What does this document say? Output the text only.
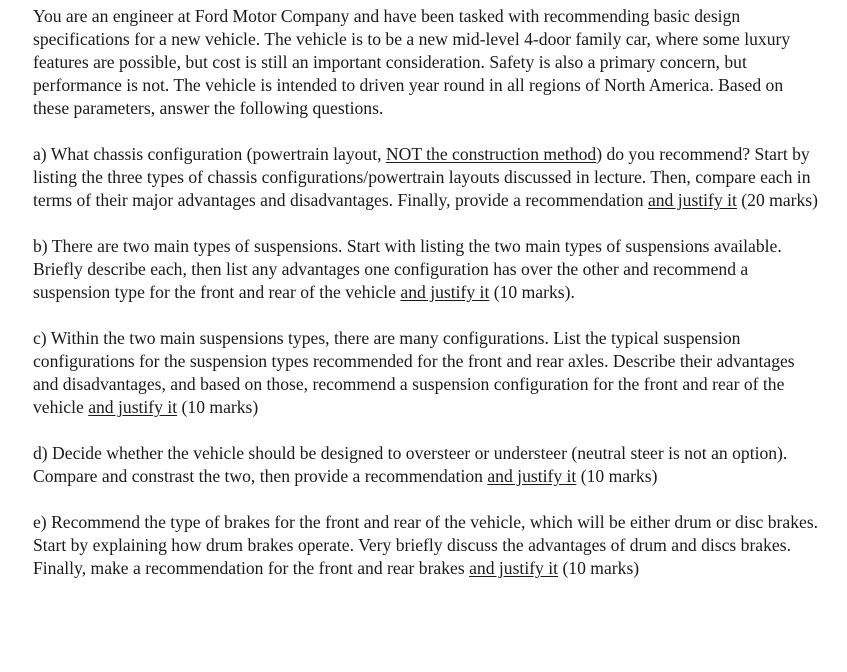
You are an engineer at Ford Motor Company and have been tasked with recommending basic design specifications for a new vehicle. The vehicle is to be a new mid-level 4-door family car, where some luxury features are possible, but cost is still an important consideration. Safety is also a primary concern, but performance is not. The vehicle is intended to driven year round in all regions of North America. Based on these parameters, answer the following questions.

a) What chassis configuration (powertrain layout, NOT the construction method) do you recommend? Start by listing the three types of chassis configurations/powertrain layouts discussed in lecture. Then, compare each in terms of their major advantages and disadvantages. Finally, provide a recommendation and justify it (20 marks)

b) There are two main types of suspensions. Start with listing the two main types of suspensions available. Briefly describe each, then list any advantages one configuration has over the other and recommend a suspension type for the front and rear of the vehicle and justify it (10 marks).

c) Within the two main suspensions types, there are many configurations. List the typical suspension configurations for the suspension types recommended for the front and rear axles. Describe their advantages and disadvantages, and based on those, recommend a suspension configuration for the front and rear of the vehicle and justify it (10 marks)

d) Decide whether the vehicle should be designed to oversteer or understeer (neutral steer is not an option). Compare and constrast the two, then provide a recommendation and justify it (10 marks)

e) Recommend the type of brakes for the front and rear of the vehicle, which will be either drum or disc brakes. Start by explaining how drum brakes operate. Very briefly discuss the advantages of drum and discs brakes. Finally, make a recommendation for the front and rear brakes and justify it (10 marks)
